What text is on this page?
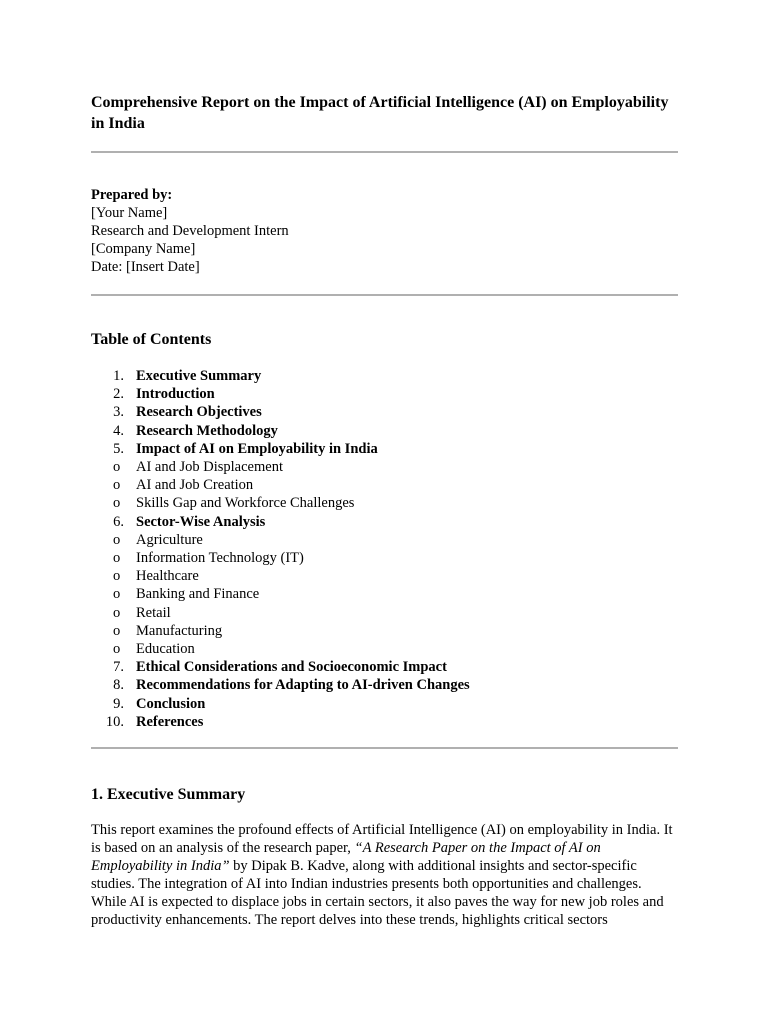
Comprehensive Report on the Impact of Artificial Intelligence (AI) on Employability in India
Prepared by:
[Your Name]
Research and Development Intern
[Company Name]
Date: [Insert Date]
Table of Contents
1. Executive Summary
2. Introduction
3. Research Objectives
4. Research Methodology
5. Impact of AI on Employability in India
o AI and Job Displacement
o AI and Job Creation
o Skills Gap and Workforce Challenges
6. Sector-Wise Analysis
o Agriculture
o Information Technology (IT)
o Healthcare
o Banking and Finance
o Retail
o Manufacturing
o Education
7. Ethical Considerations and Socioeconomic Impact
8. Recommendations for Adapting to AI-driven Changes
9. Conclusion
10. References
1. Executive Summary

This report examines the profound effects of Artificial Intelligence (AI) on employability in India. It is based on an analysis of the research paper, “A Research Paper on the Impact of AI on Employability in India” by Dipak B. Kadve, along with additional insights and sector-specific studies. The integration of AI into Indian industries presents both opportunities and challenges. While AI is expected to displace jobs in certain sectors, it also paves the way for new job roles and productivity enhancements. The report delves into these trends, highlights critical sectors
